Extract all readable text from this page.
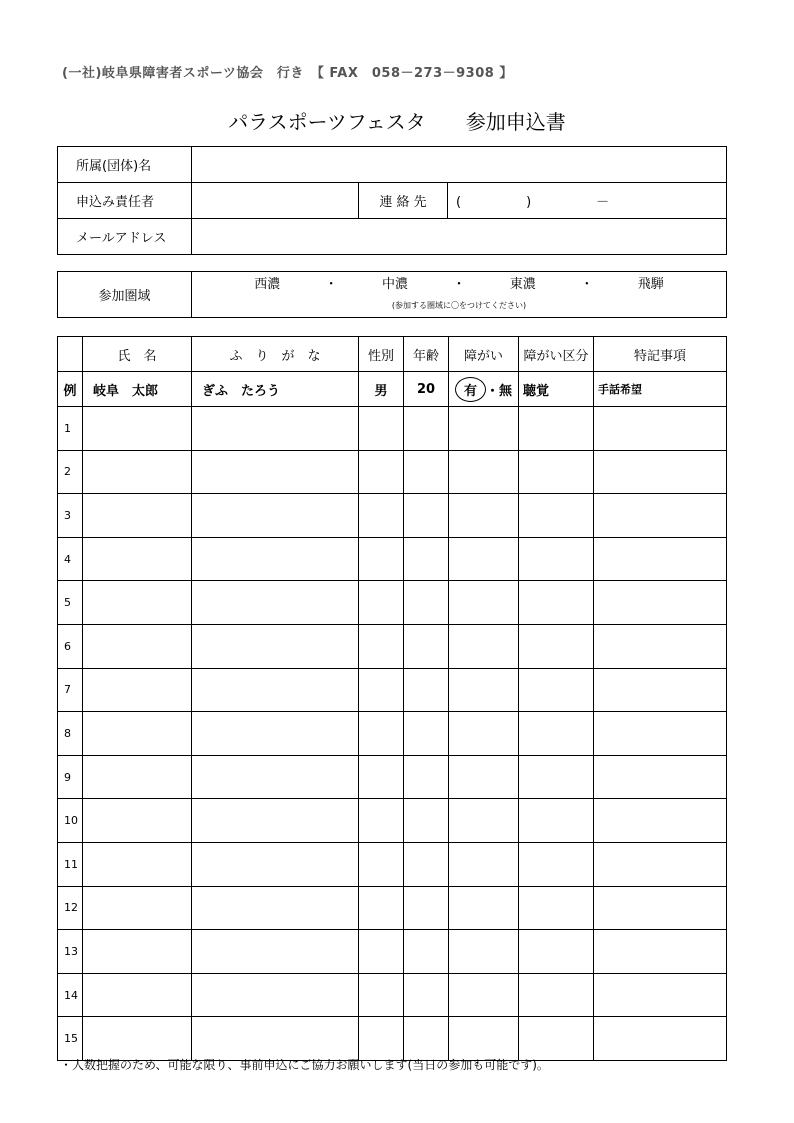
(一社)岐阜県障害者スポーツ協会　行き　【 FAX　058－273－9308 】
パラスポーツフェスタ　　参加申込書
所属(団体)名			
申込み責任者		連 絡 先	(　　　　　)　　　　　－
メールアドレス			
参加圏域	
西濃	・	中濃	・	東濃	・	飛騨
(参加する圏域に〇をつけてください)
	氏　名	ふ　り　が　な	性別	年齢	障がい	障がい区分	特記事項
例	岐阜　太郎	ぎふ　たろう	男	20	有 ・無	聴覚	手話希望
1							
2							
3							
4							
5							
6							
7							
8							
9							
10							
11							
12							
13							
14							
15							
・人数把握のため、可能な限り、事前申込にご協力お願いします(当日の参加も可能です)。
